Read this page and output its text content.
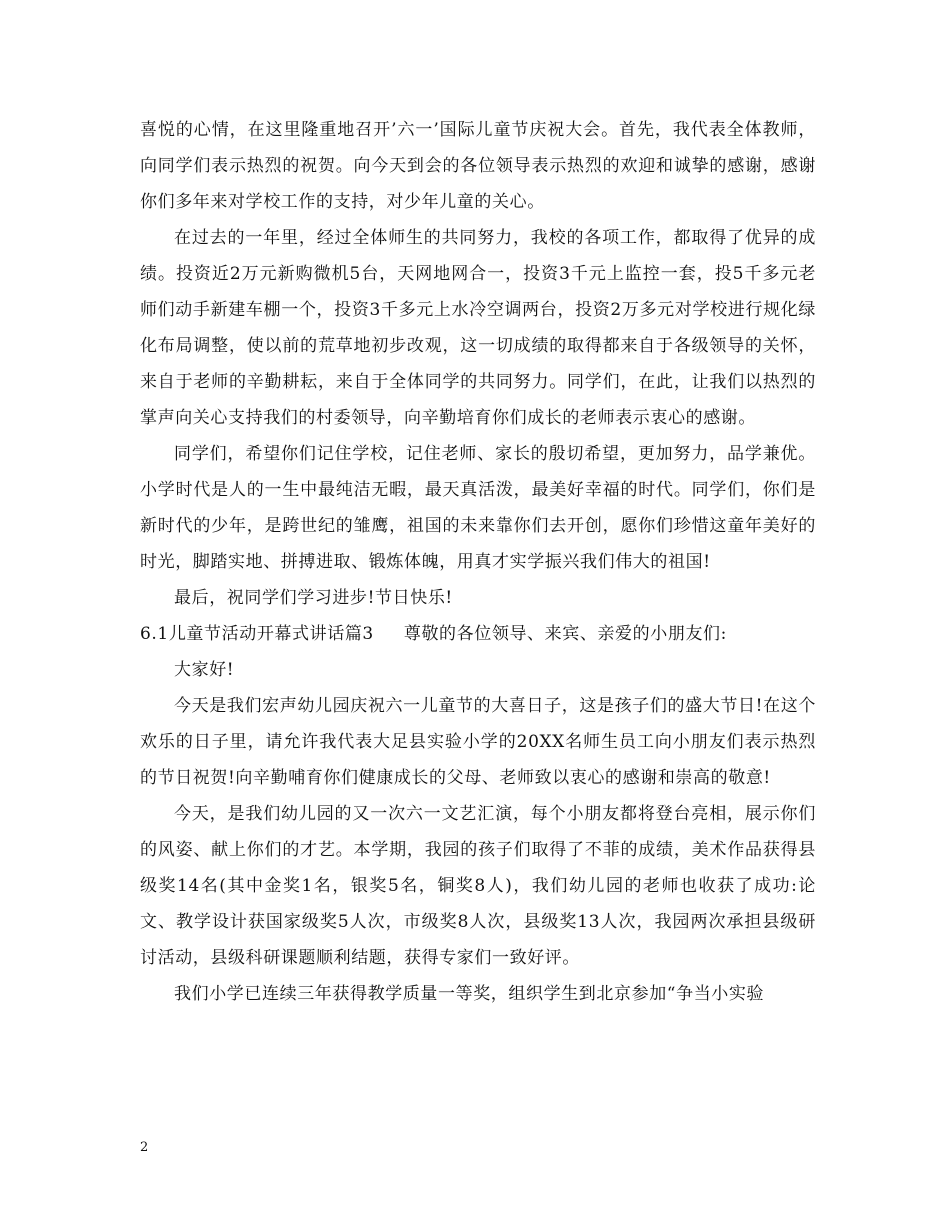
喜悦的心情，在这里隆重地召开’六一’国际儿童节庆祝大会。首先，我代表全体教师，向同学们表示热烈的祝贺。向今天到会的各位领导表示热烈的欢迎和诚挚的感谢，感谢你们多年来对学校工作的支持，对少年儿童的关心。

在过去的一年里，经过全体师生的共同努力，我校的各项工作，都取得了优异的成绩。投资近2万元新购微机5台，天网地网合一，投资3千元上监控一套，投5千多元老师们动手新建车棚一个，投资3千多元上水冷空调两台，投资2万多元对学校进行规化绿化布局调整，使以前的荒草地初步改观，这一切成绩的取得都来自于各级领导的关怀，来自于老师的辛勤耕耘，来自于全体同学的共同努力。同学们，在此，让我们以热烈的掌声向关心支持我们的村委领导，向辛勤培育你们成长的老师表示衷心的感谢。

同学们，希望你们记住学校，记住老师、家长的殷切希望，更加努力，品学兼优。小学时代是人的一生中最纯洁无暇，最天真活泼，最美好幸福的时代。同学们，你们是新时代的少年，是跨世纪的雏鹰，祖国的未来靠你们去开创，愿你们珍惜这童年美好的时光，脚踏实地、拼搏进取、锻炼体魄，用真才实学振兴我们伟大的祖国!

最后，祝同学们学习进步!节日快乐!

6.1儿童节活动开幕式讲话篇3 尊敬的各位领导、来宾、亲爱的小朋友们:

大家好!

今天是我们宏声幼儿园庆祝六一儿童节的大喜日子，这是孩子们的盛大节日!在这个欢乐的日子里，请允许我代表大足县实验小学的20XX名师生员工向小朋友们表示热烈的节日祝贺!向辛勤哺育你们健康成长的父母、老师致以衷心的感谢和崇高的敬意!

今天，是我们幼儿园的又一次六一文艺汇演，每个小朋友都将登台亮相，展示你们的风姿、献上你们的才艺。本学期，我园的孩子们取得了不菲的成绩，美术作品获得县级奖14名(其中金奖1名，银奖5名，铜奖8人)，我们幼儿园的老师也收获了成功:论文、教学设计获国家级奖5人次，市级奖8人次，县级奖13人次，我园两次承担县级研讨活动，县级科研课题顺利结题，获得专家们一致好评。

我们小学已连续三年获得教学质量一等奖，组织学生到北京参加“争当小实验

2
